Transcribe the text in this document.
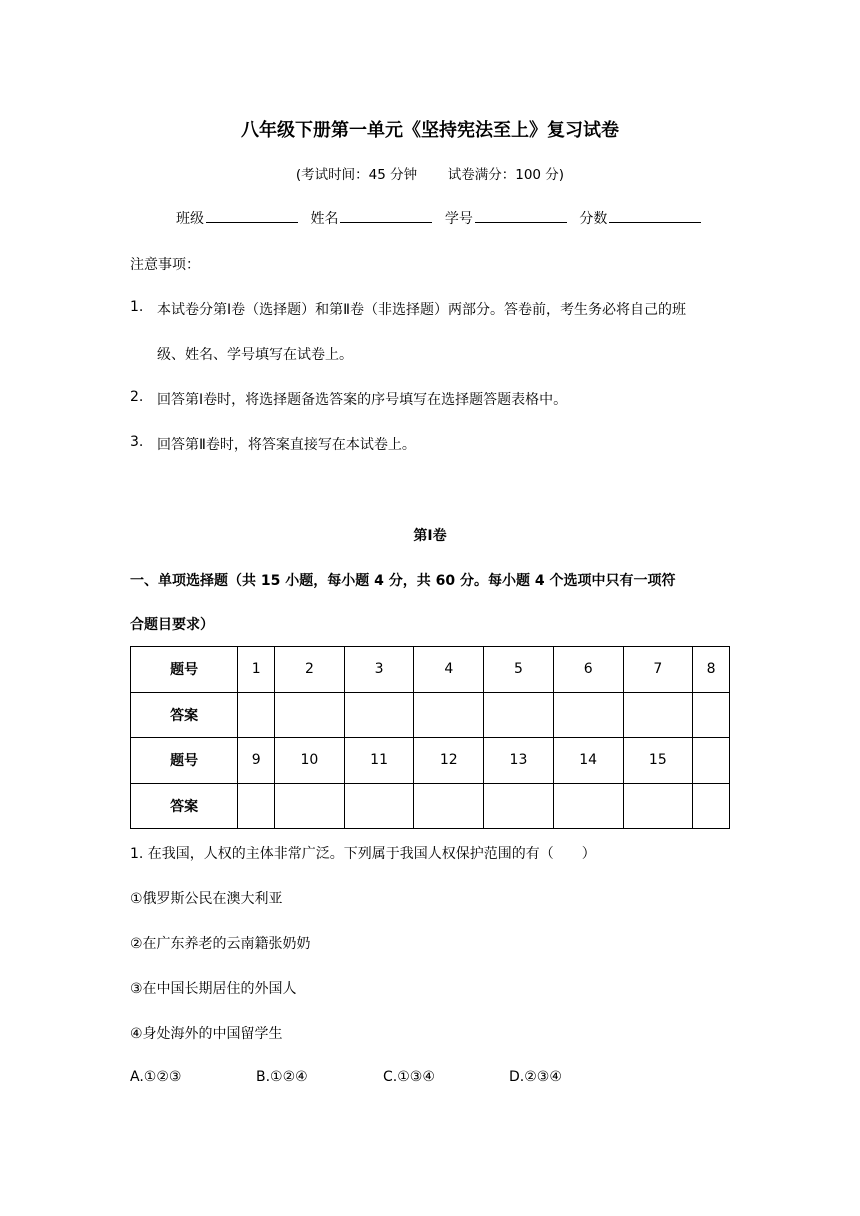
八年级下册第一单元《坚持宪法至上》复习试卷
(考试时间：45 分钟 试卷满分：100 分)
班级	姓名	学号	分数
注意事项：
1. 本试卷分第Ⅰ卷（选择题）和第Ⅱ卷（非选择题）两部分。答卷前，考生务必将自己的班
级、姓名、学号填写在试卷上。
2. 回答第Ⅰ卷时，将选择题备选答案的序号填写在选择题答题表格中。
3. 回答第Ⅱ卷时，将答案直接写在本试卷上。
第Ⅰ卷
一、单项选择题（共 15 小题，每小题 4 分，共 60 分。每小题 4 个选项中只有一项符
合题目要求）
题号	1	2	3	4	5	6	7	8
答案								
题号	9	10	11	12	13	14	15	
答案								
1. 在我国，人权的主体非常广泛。下列属于我国人权保护范围的有（　　）
①俄罗斯公民在澳大利亚
②在广东养老的云南籍张奶奶
③在中国长期居住的外国人
④身处海外的中国留学生
A.①②③	B.①②④	C.①③④	D.②③④
